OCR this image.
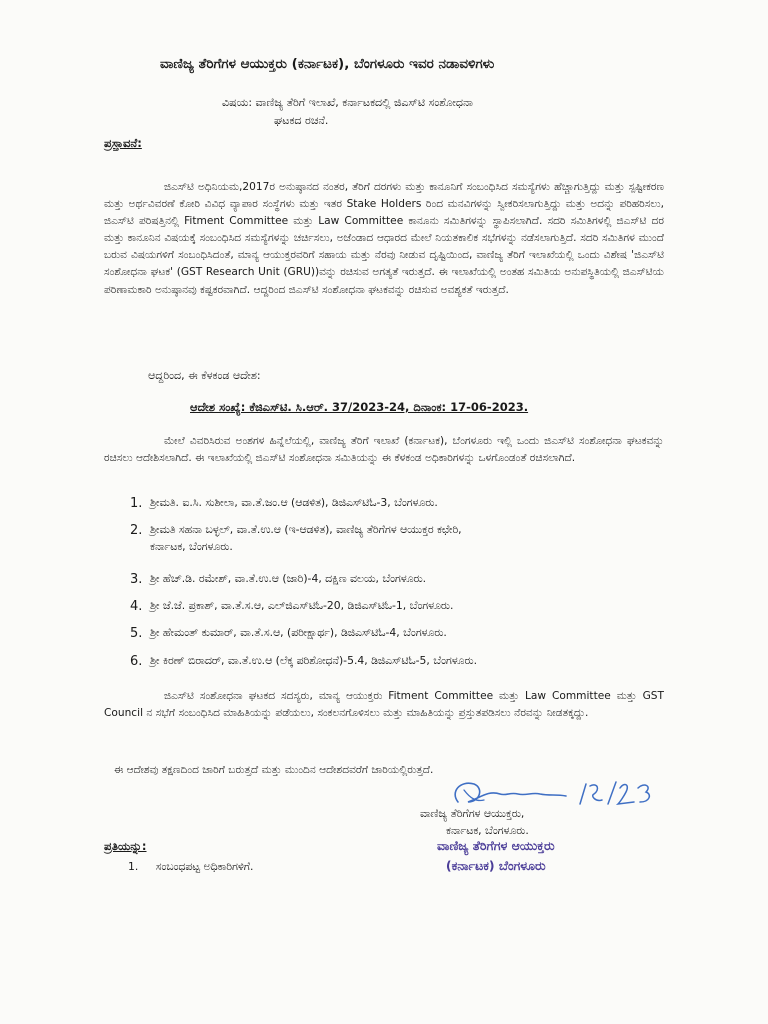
ವಾಣಿಜ್ಯ ತೆರಿಗೆಗಳ ಆಯುಕ್ತರು (ಕರ್ನಾಟಕ), ಬೆಂಗಳೂರು ಇವರ ನಡಾವಳಿಗಳು
ವಿಷಯ: ವಾಣಿಜ್ಯ ತೆರಿಗೆ ಇಲಾಖೆ, ಕರ್ನಾಟಕದಲ್ಲಿ ಜಿಎಸ್‌ಟಿ ಸಂಶೋಧನಾ
ಘಟಕದ ರಚನೆ.
ಪ್ರಸ್ತಾವನೆ:

ಜಿಎಸ್‌ಟಿ ಅಧಿನಿಯಮ,2017ರ ಅನುಷ್ಠಾನದ ನಂತರ, ತೆರಿಗೆ ದರಗಳು ಮತ್ತು ಕಾನೂನಿಗೆ ಸಂಬಂಧಿಸಿದ ಸಮಸ್ಯೆಗಳು ಹೆಚ್ಚಾಗುತ್ತಿದ್ದು ಮತ್ತು ಸ್ಪಷ್ಟೀಕರಣ ಮತ್ತು ಅರ್ಥವಿವರಣೆ ಕೋರಿ ವಿವಿಧ ವ್ಯಾಪಾರ ಸಂಸ್ಥೆಗಳು ಮತ್ತು ಇತರ Stake Holders ರಿಂದ ಮನವಿಗಳನ್ನು ಸ್ವೀಕರಿಸಲಾಗುತ್ತಿದ್ದು ಮತ್ತು ಅದನ್ನು ಪರಿಹರಿಸಲು, ಜಿಎಸ್‌ಟಿ ಪರಿಷತ್ತಿನಲ್ಲಿ Fitment Committee ಮತ್ತು Law Committee ಕಾನೂನು ಸಮಿತಿಗಳನ್ನು ಸ್ಥಾಪಿಸಲಾಗಿದೆ. ಸದರಿ ಸಮಿತಿಗಳಲ್ಲಿ ಜಿಎಸ್‌ಟಿ ದರ ಮತ್ತು ಕಾನೂನಿನ ವಿಷಯಕ್ಕೆ ಸಂಬಂಧಿಸಿದ ಸಮಸ್ಯೆಗಳನ್ನು ಚರ್ಚಿಸಲು, ಅಜೆಂಡಾದ ಆಧಾರದ ಮೇಲೆ ನಿಯತಕಾಲಿಕ ಸಭೆಗಳನ್ನು ನಡೆಸಲಾಗುತ್ತಿದೆ. ಸದರಿ ಸಮಿತಿಗಳ ಮುಂದೆ ಬರುವ ವಿಷಯಗಳಿಗೆ ಸಂಬಂಧಿಸಿದಂತೆ, ಮಾನ್ಯ ಆಯುಕ್ತರವರಿಗೆ ಸಹಾಯ ಮತ್ತು ನೆರವು ನೀಡುವ ದೃಷ್ಟಿಯಿಂದ, ವಾಣಿಜ್ಯ ತೆರಿಗೆ ಇಲಾಖೆಯಲ್ಲಿ ಒಂದು ವಿಶೇಷ 'ಜಿಎಸ್‌ಟಿ ಸಂಶೋಧನಾ ಘಟಕ' (GST Research Unit (GRU))ವನ್ನು ರಚಿಸುವ ಅಗತ್ಯತೆ ಇರುತ್ತದೆ. ಈ ಇಲಾಖೆಯಲ್ಲಿ ಅಂತಹ ಸಮಿತಿಯ ಅನುಪಸ್ಥಿತಿಯಲ್ಲಿ ಜಿಎಸ್‌ಟಿಯ ಪರಿಣಾಮಕಾರಿ ಅನುಷ್ಠಾನವು ಕಷ್ಟಕರವಾಗಿದೆ. ಆದ್ದರಿಂದ ಜಿಎಸ್‌ಟಿ ಸಂಶೋಧನಾ ಘಟಕವನ್ನು ರಚಿಸುವ ಅವಶ್ಯಕತೆ ಇರುತ್ತದೆ.

ಆದ್ದರಿಂದ, ಈ ಕೆಳಕಂಡ ಆದೇಶ:
ಆದೇಶ ಸಂಖ್ಯೆ: ಕೆಜಿಎಸ್‌ಟಿ. ಸಿ.ಆರ್. 37/2023-24, ದಿನಾಂಕ: 17-06-2023.

ಮೇಲೆ ವಿವರಿಸಿರುವ ಅಂಶಗಳ ಹಿನ್ನೆಲೆಯಲ್ಲಿ, ವಾಣಿಜ್ಯ ತೆರಿಗೆ ಇಲಾಖೆ (ಕರ್ನಾಟಕ), ಬೆಂಗಳೂರು ಇಲ್ಲಿ ಒಂದು ಜಿಎಸ್‌ಟಿ ಸಂಶೋಧನಾ ಘಟಕವನ್ನು ರಚಿಸಲು ಆದೇಶಿಸಲಾಗಿದೆ. ಈ ಇಲಾಖೆಯಲ್ಲಿ ಜಿಎಸ್‌ಟಿ ಸಂಶೋಧನಾ ಸಮಿತಿಯನ್ನು ಈ ಕೆಳಕಂಡ ಅಧಿಕಾರಿಗಳನ್ನು ಒಳಗೊಂಡಂತೆ ರಚಿಸಲಾಗಿದೆ.

1. ಶ್ರೀಮತಿ. ಐ.ಸಿ. ಸುಶೀಲಾ, ವಾ.ತೆ.ಜಂ.ಆ (ಆಡಳಿತ), ಡಿಜಿಎಸ್‌ಟಿಓ-3, ಬೆಂಗಳೂರು.
2. ಶ್ರೀಮತಿ ಸಹನಾ ಬಳ್ಳಲ್, ವಾ.ತೆ.ಉ.ಆ (ಇ-ಆಡಳಿತ), ವಾಣಿಜ್ಯ ತೆರಿಗೆಗಳ ಆಯುಕ್ತರ ಕಛೇರಿ,
ಕರ್ನಾಟಕ, ಬೆಂಗಳೂರು.
3. ಶ್ರೀ ಹೆಚ್.ಡಿ. ರಮೇಶ್, ವಾ.ತೆ.ಉ.ಆ (ಜಾರಿ)-4, ದಕ್ಷಿಣ ವಲಯ, ಬೆಂಗಳೂರು.
4. ಶ್ರೀ ಜೆ.ಜೆ. ಪ್ರಕಾಶ್, ವಾ.ತೆ.ಸ.ಆ, ಎಲ್‌ಜಿಎಸ್‌ಟಿಓ-20, ಡಿಜಿಎಸ್‌ಟಿಓ-1, ಬೆಂಗಳೂರು.
5. ಶ್ರೀ ಹೇಮಂತ್ ಕುಮಾರ್, ವಾ.ತೆ.ಸ.ಆ, (ಪರೀಕ್ಷಾರ್ಥ), ಡಿಜಿಎಸ್‌ಟಿಓ-4, ಬೆಂಗಳೂರು.
6. ಶ್ರೀ ಕಿರಣ್ ಬಿರಾದರ್, ವಾ.ತೆ.ಉ.ಆ (ಲೆಕ್ಕ ಪರಿಶೋಧನೆ)-5.4, ಡಿಜಿಎಸ್‌ಟಿಓ-5, ಬೆಂಗಳೂರು.

ಜಿಎಸ್‌ಟಿ ಸಂಶೋಧನಾ ಘಟಕದ ಸದಸ್ಯರು, ಮಾನ್ಯ ಆಯುಕ್ತರು Fitment Committee ಮತ್ತು Law Committee ಮತ್ತು GST Council ನ ಸಭೆಗೆ ಸಂಬಂಧಿಸಿದ ಮಾಹಿತಿಯನ್ನು ಪಡೆಯಲು, ಸಂಕಲನಗೊಳಿಸಲು ಮತ್ತು ಮಾಹಿತಿಯನ್ನು ಪ್ರಸ್ತುತಪಡಿಸಲು ನೆರವನ್ನು ನೀಡತಕ್ಕದ್ದು.

ಈ ಆದೇಶವು ತಕ್ಷಣದಿಂದ ಜಾರಿಗೆ ಬರುತ್ತದೆ ಮತ್ತು ಮುಂದಿನ ಆದೇಶದವರೆಗೆ ಜಾರಿಯಲ್ಲಿರುತ್ತದೆ.

ವಾಣಿಜ್ಯ ತೆರಿಗೆಗಳ ಆಯುಕ್ತರು,
ಕರ್ನಾಟಕ, ಬೆಂಗಳೂರು.
ವಾಣಿಜ್ಯ ತೆರಿಗೆಗಳ ಆಯುಕ್ತರು
(ಕರ್ನಾಟಕ) ಬೆಂಗಳೂರು
ಪ್ರತಿಯನ್ನು:
1. ಸಂಬಂಧಪಟ್ಟ ಅಧಿಕಾರಿಗಳಿಗೆ.
